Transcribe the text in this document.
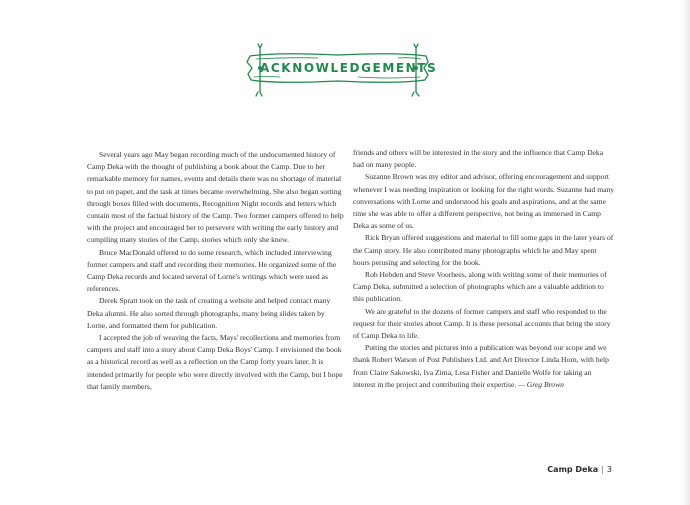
ACKNOWLEDGEMENTS

Several years ago May began recording much of the undocumented history of Camp Deka with the thought of publishing a book about the Camp. Due to her remarkable memory for names, events and details there was no shortage of material to put on paper, and the task at times became overwhelming. She also began sorting through boxes filled with documents, Recognition Night records and letters which contain most of the factual history of the Camp. Two former campers offered to help with the project and encouraged her to persevere with writing the early history and compiling many stories of the Camp, stories which only she knew.

Bruce MacDonald offered to do some research, which included interviewing former campers and staff and recording their memories. He organized some of the Camp Deka records and located several of Lorne's writings which were used as references.

Derek Spratt took on the task of creating a website and helped contact many Deka alumni. He also sorted through photographs, many being slides taken by Lorne, and formatted them for publication.

I accepted the job of weaving the facts, Mays' recollections and memories from campers and staff into a story about Camp Deka Boys' Camp. I envisioned the book as a historical record as well as a reflection on the Camp forty years later. It is intended primarily for people who were directly involved with the Camp, but I hope that family members,

friends and others will be interested in the story and the influence that Camp Deka had on many people.

Suzanne Brown was my editor and advisor, offering encouragement and support whenever I was needing inspiration or looking for the right words. Suzanne had many conversations with Lorne and understood his goals and aspirations, and at the same time she was able to offer a different perspective, not being as immersed in Camp Deka as some of us.

Rick Bryan offered suggestions and material to fill some gaps in the later years of the Camp story. He also contributed many photographs which he and May spent hours perusing and selecting for the book.

Rob Hebden and Steve Voorhees, along with writing some of their memories of Camp Deka, submitted a selection of photographs which are a valuable addition to this publication.

We are grateful to the dozens of former campers and staff who responded to the request for their stories about Camp. It is these personal accounts that bring the story of Camp Deka to life.

Putting the stories and pictures into a publication was beyond our scope and we thank Robert Watson of Post Publishers Ltd. and Art Director Linda Horn, with help from Claire Sakowski, Iva Zima, Lesa Fisher and Danielle Wolfe for taking an interest in the project and contributing their expertise. — Greg Brown

Camp Deka | 3
